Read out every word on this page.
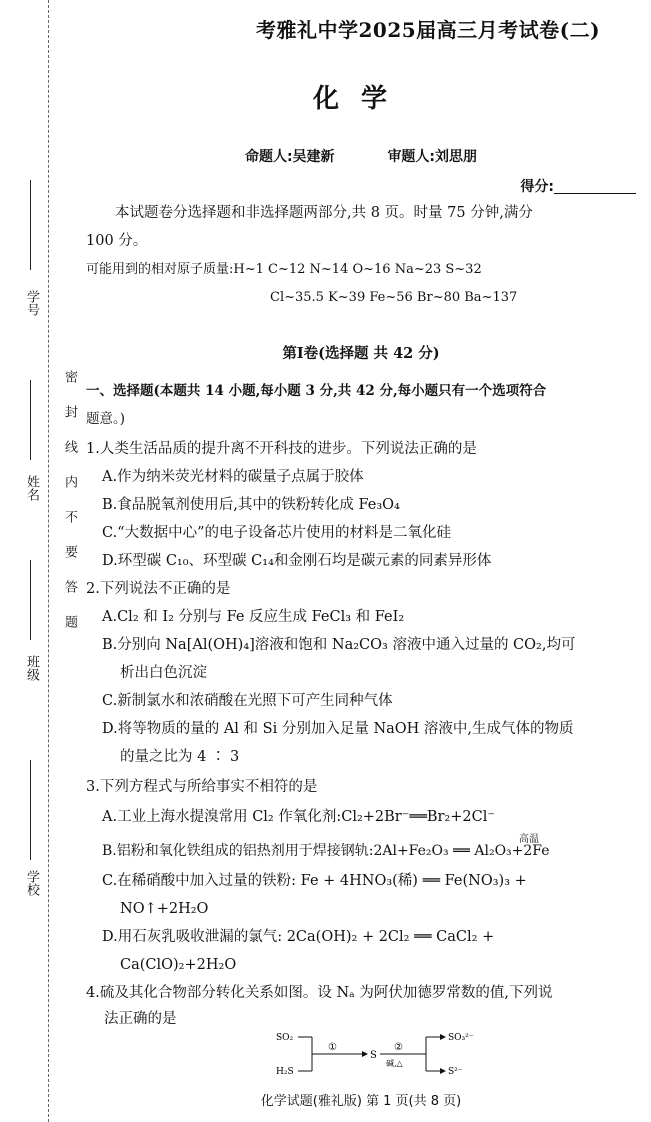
学号
姓名
班级
学校
密封线内不要答题
考雅礼中学2025届高三月考试卷(二)
化学
命题人:吴建新	审题人:刘思朋
得分:
本试题卷分选择题和非选择题两部分,共 8 页。时量 75 分钟,满分
100 分。
可能用到的相对原子质量:H~1 C~12 N~14 O~16 Na~23 S~32
Cl~35.5 K~39 Fe~56 Br~80 Ba~137
第Ⅰ卷(选择题 共 42 分)
一、选择题(本题共 14 小题,每小题 3 分,共 42 分,每小题只有一个选项符合
题意。)
1.人类生活品质的提升离不开科技的进步。下列说法正确的是
A.作为纳米荧光材料的碳量子点属于胶体
B.食品脱氧剂使用后,其中的铁粉转化成 Fe₃O₄
C.“大数据中心”的电子设备芯片使用的材料是二氧化硅
D.环型碳 C₁₀、环型碳 C₁₄和金刚石均是碳元素的同素异形体
2.下列说法不正确的是
A.Cl₂ 和 I₂ 分别与 Fe 反应生成 FeCl₃ 和 FeI₂
B.分别向 Na[Al(OH)₄]溶液和饱和 Na₂CO₃ 溶液中通入过量的 CO₂,均可
析出白色沉淀
C.新制氯水和浓硝酸在光照下可产生同种气体
D.将等物质的量的 Al 和 Si 分别加入足量 NaOH 溶液中,生成气体的物质
的量之比为 4 ∶ 3
3.下列方程式与所给事实不相符的是
A.工业上海水提溴常用 Cl₂ 作氧化剂:Cl₂+2Br⁻══Br₂+2Cl⁻
高温
B.铝粉和氧化铁组成的铝热剂用于焊接钢轨:2Al+Fe₂O₃ ══ Al₂O₃+2Fe
C.在稀硝酸中加入过量的铁粉: Fe + 4HNO₃(稀) ══ Fe(NO₃)₃ +
NO↑+2H₂O
D.用石灰乳吸收泄漏的氯气: 2Ca(OH)₂ + 2Cl₂ ══ CaCl₂ +
Ca(ClO)₂+2H₂O
4.硫及其化合物部分转化关系如图。设 Nₐ 为阿伏加德罗常数的值,下列说
法正确的是
SO₂
H₂S
①
S
②
碱,△
SO₃²⁻
S²⁻
化学试题(雅礼版) 第 1 页(共 8 页)
